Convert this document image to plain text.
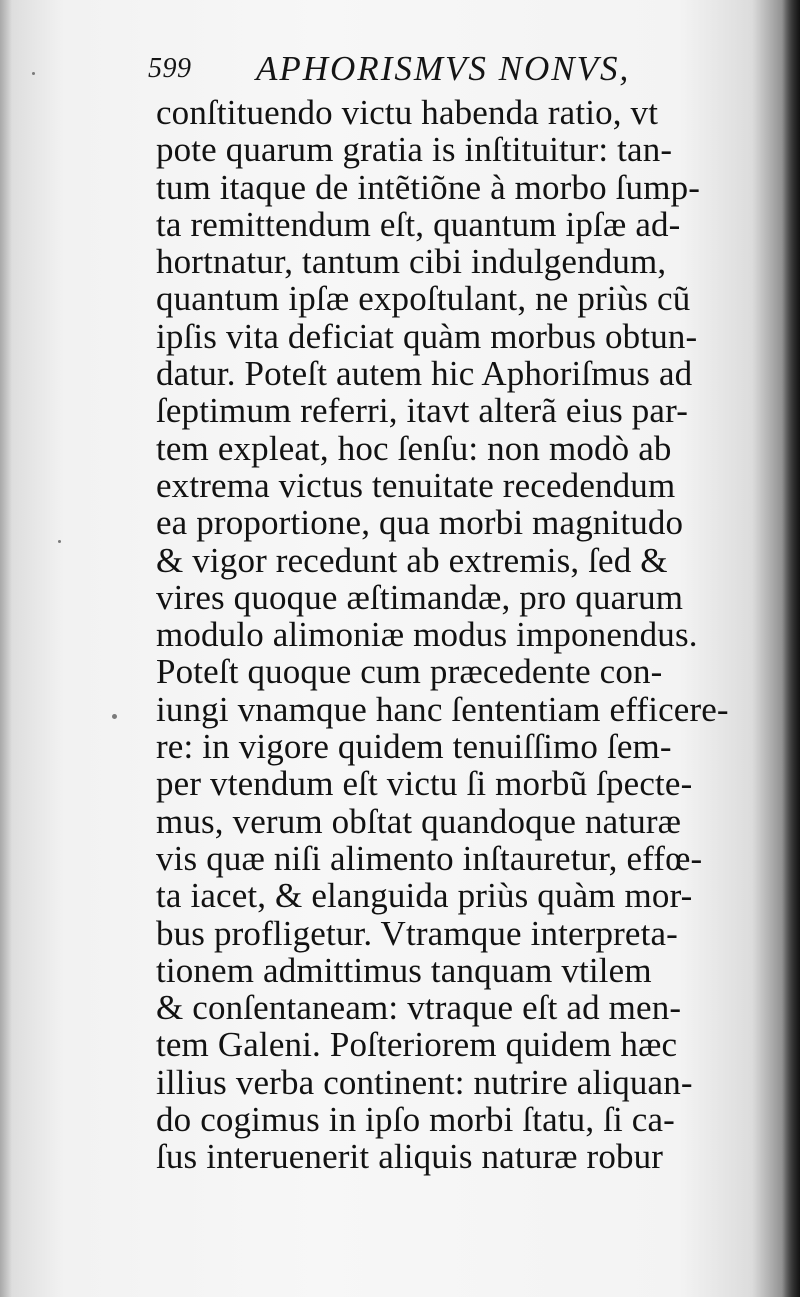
599 APHORISMVS NONVS,
conſtituendo victu habenda ratio, vt
pote quarum gratia is inſtituitur: tan-
tum itaque de intẽtiõne à morbo ſump-
ta remittendum eſt, quantum ipſæ ad-
hortnatur, tantum cibi indulgendum,
quantum ipſæ expoſtulant, ne priùs cũ
ipſis vita deficiat quàm morbus obtun-
datur. Poteſt autem hic Aphoriſmus ad
ſeptimum referri, itavt alterã eius par-
tem expleat, hoc ſenſu: non modò ab
extrema victus tenuitate recedendum
ea proportione, qua morbi magnitudo
& vigor recedunt ab extremis, ſed &
vires quoque æſtimandæ, pro quarum
modulo alimoniæ modus imponendus.
Poteſt quoque cum præcedente con-
iungi vnamque hanc ſententiam efficere-
re: in vigore quidem tenuiſſimo ſem-
per vtendum eſt victu ſi morbũ ſpecte-
mus, verum obſtat quandoque naturæ
vis quæ niſi alimento inſtauretur, effœ-
ta iacet, & elanguida priùs quàm mor-
bus profligetur. Vtramque interpreta-
tionem admittimus tanquam vtilem
& conſentaneam: vtraque eſt ad men-
tem Galeni. Poſteriorem quidem hæc
illius verba continent: nutrire aliquan-
do cogimus in ipſo morbi ſtatu, ſi ca-
ſus interuenerit aliquis naturæ robur
